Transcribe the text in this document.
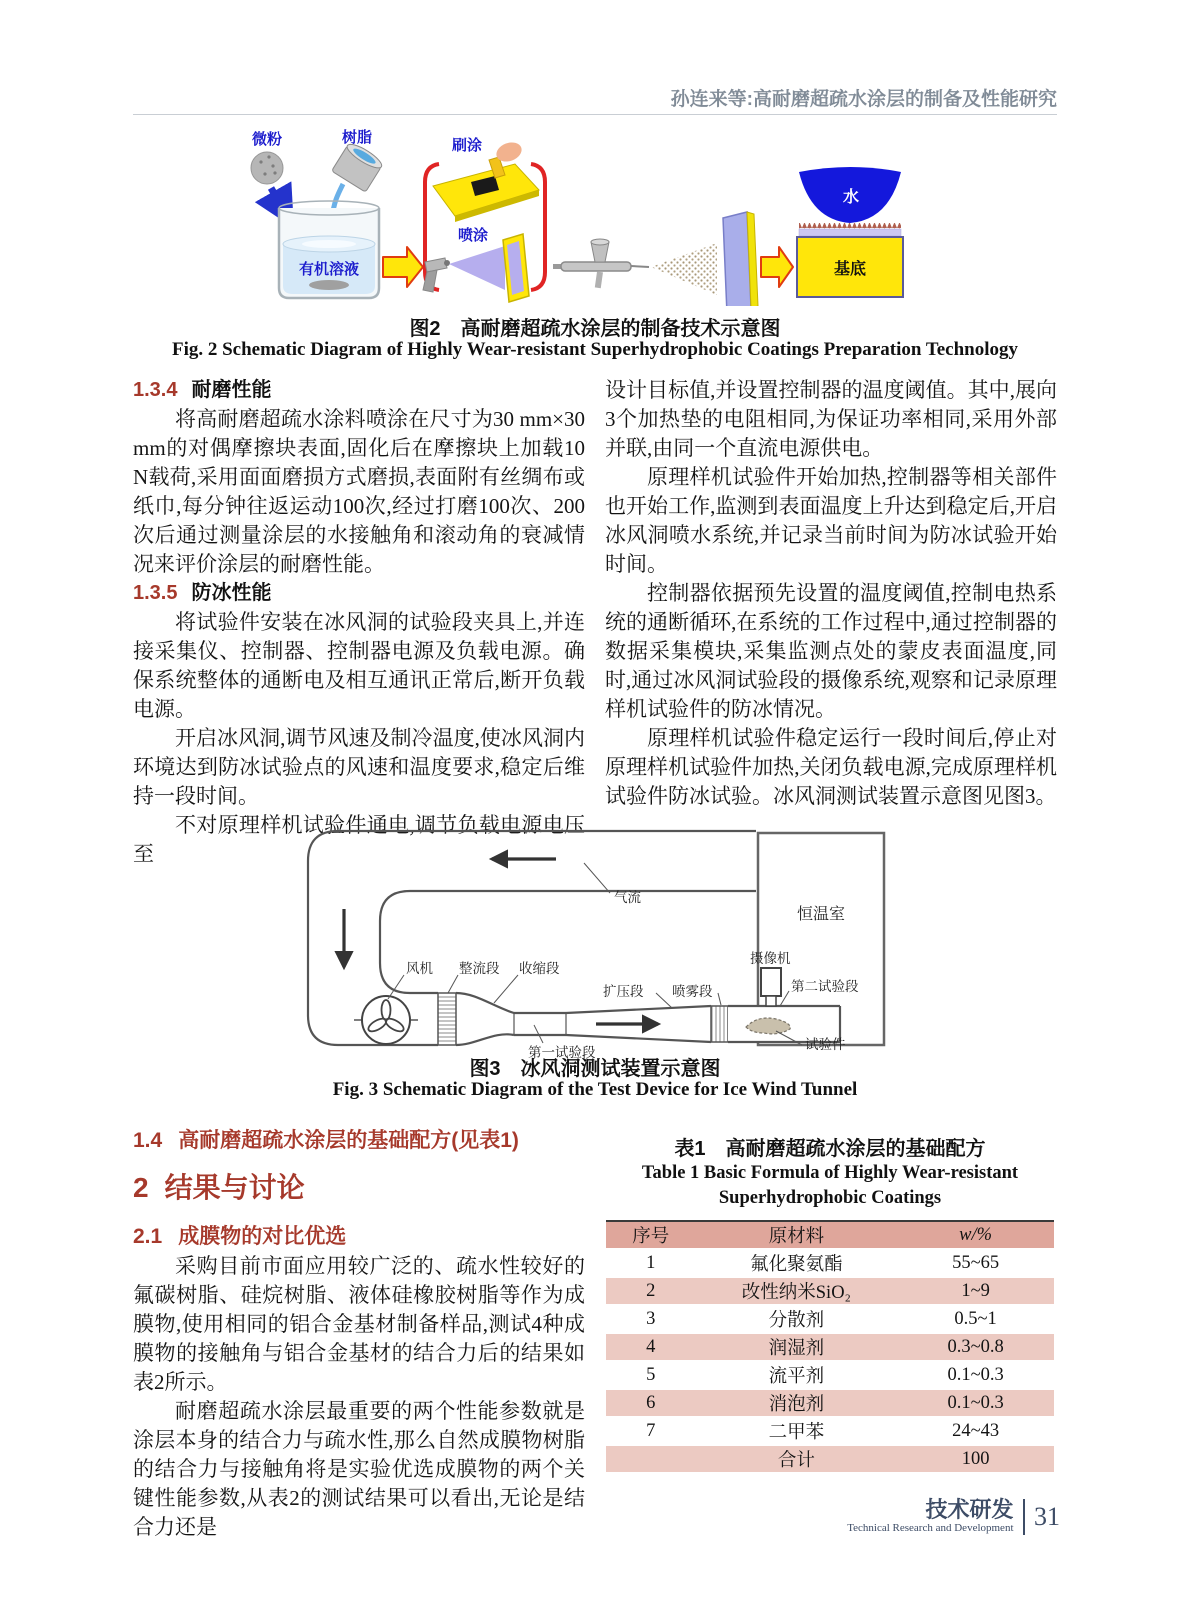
孙连来等:高耐磨超疏水涂层的制备及性能研究
微粉	树脂
有机溶液
刷涂
喷涂
水
基底
图2　高耐磨超疏水涂层的制备技术示意图
Fig. 2 Schematic Diagram of Highly Wear-resistant Superhydrophobic Coatings Preparation Technology
1.3.4 耐磨性能

将高耐磨超疏水涂料喷涂在尺寸为30 mm×30 mm的对偶摩擦块表面,固化后在摩擦块上加载10 N载荷,采用面面磨损方式磨损,表面附有丝绸布或纸巾,每分钟往返运动100次,经过打磨100次、200次后通过测量涂层的水接触角和滚动角的衰减情况来评价涂层的耐磨性能。

1.3.5 防冰性能

将试验件安装在冰风洞的试验段夹具上,并连接采集仪、控制器、控制器电源及负载电源。确保系统整体的通断电及相互通讯正常后,断开负载电源。

开启冰风洞,调节风速及制冷温度,使冰风洞内环境达到防冰试验点的风速和温度要求,稳定后维持一段时间。

不对原理样机试验件通电,调节负载电源电压至

设计目标值,并设置控制器的温度阈值。其中,展向3个加热垫的电阻相同,为保证功率相同,采用外部并联,由同一个直流电源供电。

原理样机试验件开始加热,控制器等相关部件也开始工作,监测到表面温度上升达到稳定后,开启冰风洞喷水系统,并记录当前时间为防冰试验开始时间。

控制器依据预先设置的温度阈值,控制电热系统的通断循环,在系统的工作过程中,通过控制器的数据采集模块,采集监测点处的蒙皮表面温度,同时,通过冰风洞试验段的摄像系统,观察和记录原理样机试验件的防冰情况。

原理样机试验件稳定运行一段时间后,停止对原理样机试验件加热,关闭负载电源,完成原理样机试验件防冰试验。冰风洞测试装置示意图见图3。

恒温室
气流
风机 整流段 收缩段
第一试验段
扩压段 喷雾段
摄像机
第二试验段
试验件
图3　冰风洞测试装置示意图
Fig. 3 Schematic Diagram of the Test Device for Ice Wind Tunnel
1.4 高耐磨超疏水涂层的基础配方(见表1)
2 结果与讨论
2.1 成膜物的对比优选

采购目前市面应用较广泛的、疏水性较好的氟碳树脂、硅烷树脂、液体硅橡胶树脂等作为成膜物,使用相同的铝合金基材制备样品,测试4种成膜物的接触角与铝合金基材的结合力后的结果如表2所示。

耐磨超疏水涂层最重要的两个性能参数就是涂层本身的结合力与疏水性,那么自然成膜物树脂的结合力与接触角将是实验优选成膜物的两个关键性能参数,从表2的测试结果可以看出,无论是结合力还是

表1　高耐磨超疏水涂层的基础配方
Table 1 Basic Formula of Highly Wear-resistant
Superhydrophobic Coatings
序号	原材料	w/%
1	氟化聚氨酯	55~65
2	改性纳米SiO₂	1~9
3	分散剂	0.5~1
4	润湿剂	0.3~0.8
5	流平剂	0.1~0.3
6	消泡剂	0.1~0.3
7	二甲苯	24~43
	合计	100
技术研发
Technical Research and Development 31
